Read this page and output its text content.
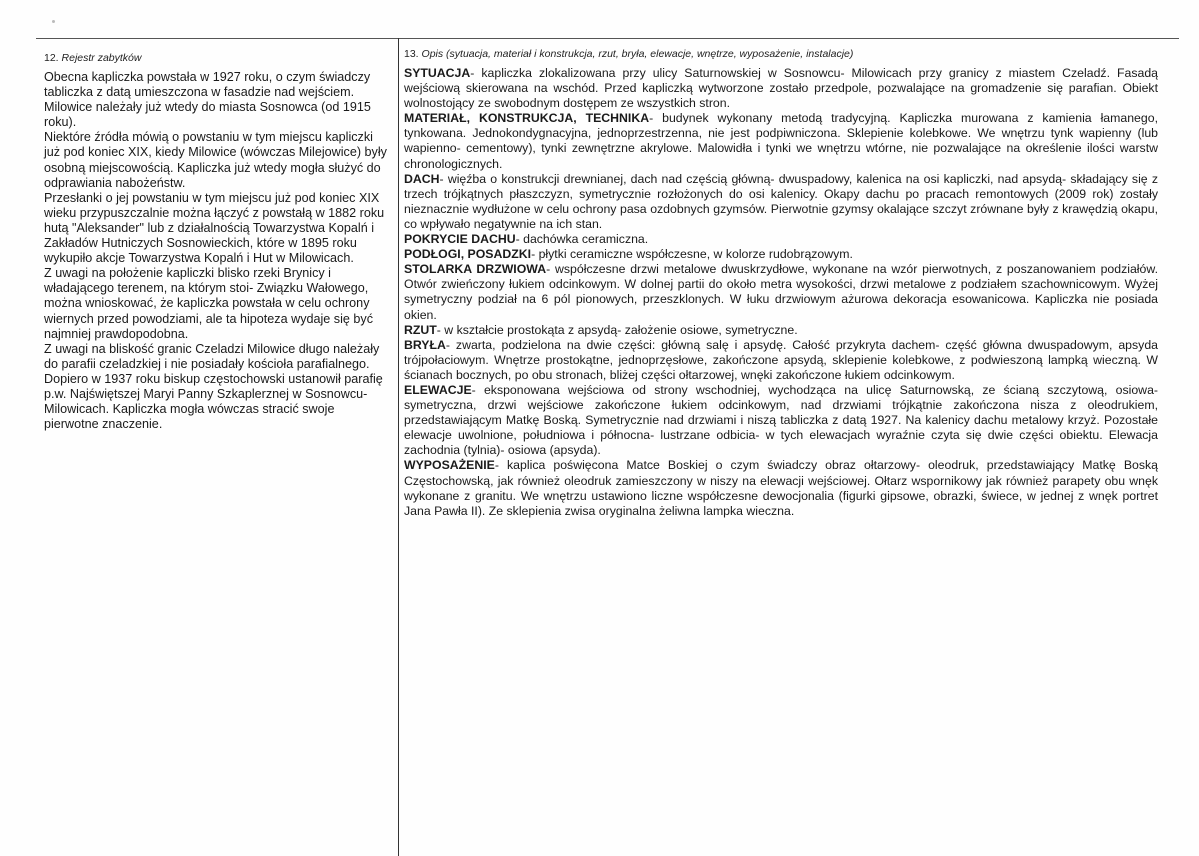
12. Rejestr zabytków

Obecna kapliczka powstała w 1927 roku, o czym świadczy tabliczka z datą umieszczona w fasadzie nad wejściem. Milowice należały już wtedy do miasta Sosnowca (od 1915 roku).

Niektóre źródła mówią o powstaniu w tym miejscu kapliczki już pod koniec XIX, kiedy Milowice (wówczas Milejowice) były osobną miejscowością. Kapliczka już wtedy mogła służyć do odprawiania nabożeństw.

Przesłanki o jej powstaniu w tym miejscu już pod koniec XIX wieku przypuszczalnie można łączyć z powstałą w 1882 roku hutą "Aleksander" lub z działalnością Towarzystwa Kopalń i Zakładów Hutniczych Sosnowieckich, które w 1895 roku wykupiło akcje Towarzystwa Kopalń i Hut w Milowicach.

Z uwagi na położenie kapliczki blisko rzeki Brynicy i władającego terenem, na którym stoi- Związku Wałowego, można wnioskować, że kapliczka powstała w celu ochrony wiernych przed powodziami, ale ta hipoteza wydaje się być najmniej prawdopodobna.

Z uwagi na bliskość granic Czeladzi Milowice długo należały do parafii czeladzkiej i nie posiadały kościoła parafialnego. Dopiero w 1937 roku biskup częstochowski ustanowił parafię p.w. Najświętszej Maryi Panny Szkaplerznej w Sosnowcu- Milowicach. Kapliczka mogła wówczas stracić swoje pierwotne znaczenie.

13. Opis (sytuacja, materiał i konstrukcja, rzut, bryła, elewacje, wnętrze, wyposażenie, instalacje)

SYTUACJA- kapliczka zlokalizowana przy ulicy Saturnowskiej w Sosnowcu- Milowicach przy granicy z miastem Czeladź. Fasadą wejściową skierowana na wschód. Przed kapliczką wytworzone zostało przedpole, pozwalające na gromadzenie się parafian. Obiekt wolnostojący ze swobodnym dostępem ze wszystkich stron.

MATERIAŁ, KONSTRUKCJA, TECHNIKA- budynek wykonany metodą tradycyjną. Kapliczka murowana z kamienia łamanego, tynkowana. Jednokondygnacyjna, jednoprzestrzenna, nie jest podpiwniczona. Sklepienie kolebkowe. We wnętrzu tynk wapienny (lub wapienno- cementowy), tynki zewnętrzne akrylowe. Malowidła i tynki we wnętrzu wtórne, nie pozwalające na określenie ilości warstw chronologicznych.

DACH- więźba o konstrukcji drewnianej, dach nad częścią główną- dwuspadowy, kalenica na osi kapliczki, nad apsydą- składający się z trzech trójkątnych płaszczyzn, symetrycznie rozłożonych do osi kalenicy. Okapy dachu po pracach remontowych (2009 rok) zostały nieznacznie wydłużone w celu ochrony pasa ozdobnych gzymsów. Pierwotnie gzymsy okalające szczyt zrównane były z krawędzią okapu, co wpływało negatywnie na ich stan.

POKRYCIE DACHU- dachówka ceramiczna.

PODŁOGI, POSADZKI- płytki ceramiczne współczesne, w kolorze rudobrązowym.

STOLARKA DRZWIOWA- współczesne drzwi metalowe dwuskrzydłowe, wykonane na wzór pierwotnych, z poszanowaniem podziałów. Otwór zwieńczony łukiem odcinkowym. W dolnej partii do około metra wysokości, drzwi metalowe z podziałem szachownicowym. Wyżej symetryczny podział na 6 pól pionowych, przeszklonych. W łuku drzwiowym ażurowa dekoracja esowanicowa. Kapliczka nie posiada okien.

RZUT- w kształcie prostokąta z apsydą- założenie osiowe, symetryczne.

BRYŁA- zwarta, podzielona na dwie części: główną salę i apsydę. Całość przykryta dachem- część główna dwuspadowym, apsyda trójpołaciowym. Wnętrze prostokątne, jednoprzęsłowe, zakończone apsydą, sklepienie kolebkowe, z podwieszoną lampką wieczną. W ścianach bocznych, po obu stronach, bliżej części ołtarzowej, wnęki zakończone łukiem odcinkowym.

ELEWACJE- eksponowana wejściowa od strony wschodniej, wychodząca na ulicę Saturnowską, ze ścianą szczytową, osiowa- symetryczna, drzwi wejściowe zakończone łukiem odcinkowym, nad drzwiami trójkątnie zakończona nisza z oleodrukiem, przedstawiającym Matkę Boską. Symetrycznie nad drzwiami i niszą tabliczka z datą 1927. Na kalenicy dachu metalowy krzyż. Pozostałe elewacje uwolnione, południowa i północna- lustrzane odbicia- w tych elewacjach wyraźnie czyta się dwie części obiektu. Elewacja zachodnia (tylnia)- osiowa (apsyda).

WYPOSAŻENIE- kaplica poświęcona Matce Boskiej o czym świadczy obraz ołtarzowy- oleodruk, przedstawiający Matkę Boską Częstochowską, jak również oleodruk zamieszczony w niszy na elewacji wejściowej. Ołtarz wspornikowy jak również parapety obu wnęk wykonane z granitu. We wnętrzu ustawiono liczne współczesne dewocjonalia (figurki gipsowe, obrazki, świece, w jednej z wnęk portret Jana Pawła II). Ze sklepienia zwisa oryginalna żeliwna lampka wieczna.
